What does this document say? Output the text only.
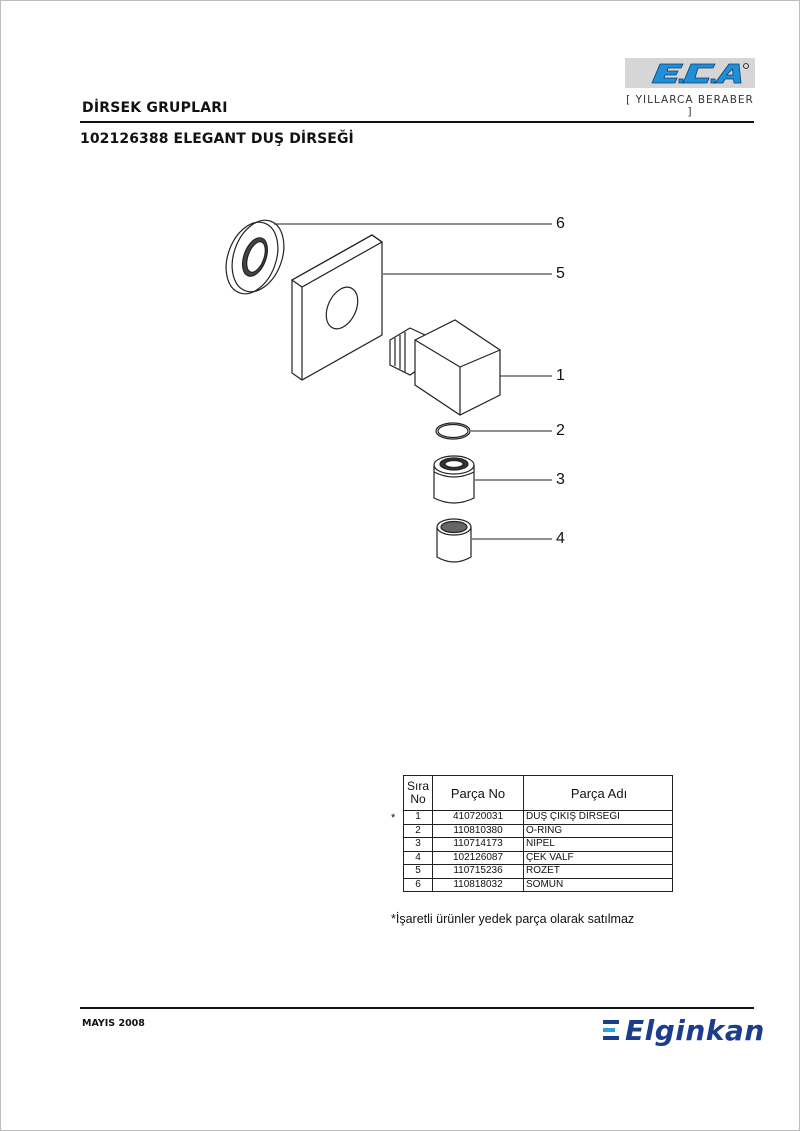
[ YILLARCA BERABER ]
DİRSEK GRUPLARI
102126388 ELEGANT DUŞ DİRSEĞİ
6
5
1
2
3
4
*
Sıra No	Parça No	Parça Adı
1	410720031	DUŞ ÇIKIŞ DİRSEĞİ
2	110810380	O-RİNG
3	110714173	NİPEL
4	102126087	ÇEK VALF
5	110715236	ROZET
6	110818032	SOMUN
*İşaretli ürünler yedek parça olarak satılmaz
MAYIS 2008	Elginkan
